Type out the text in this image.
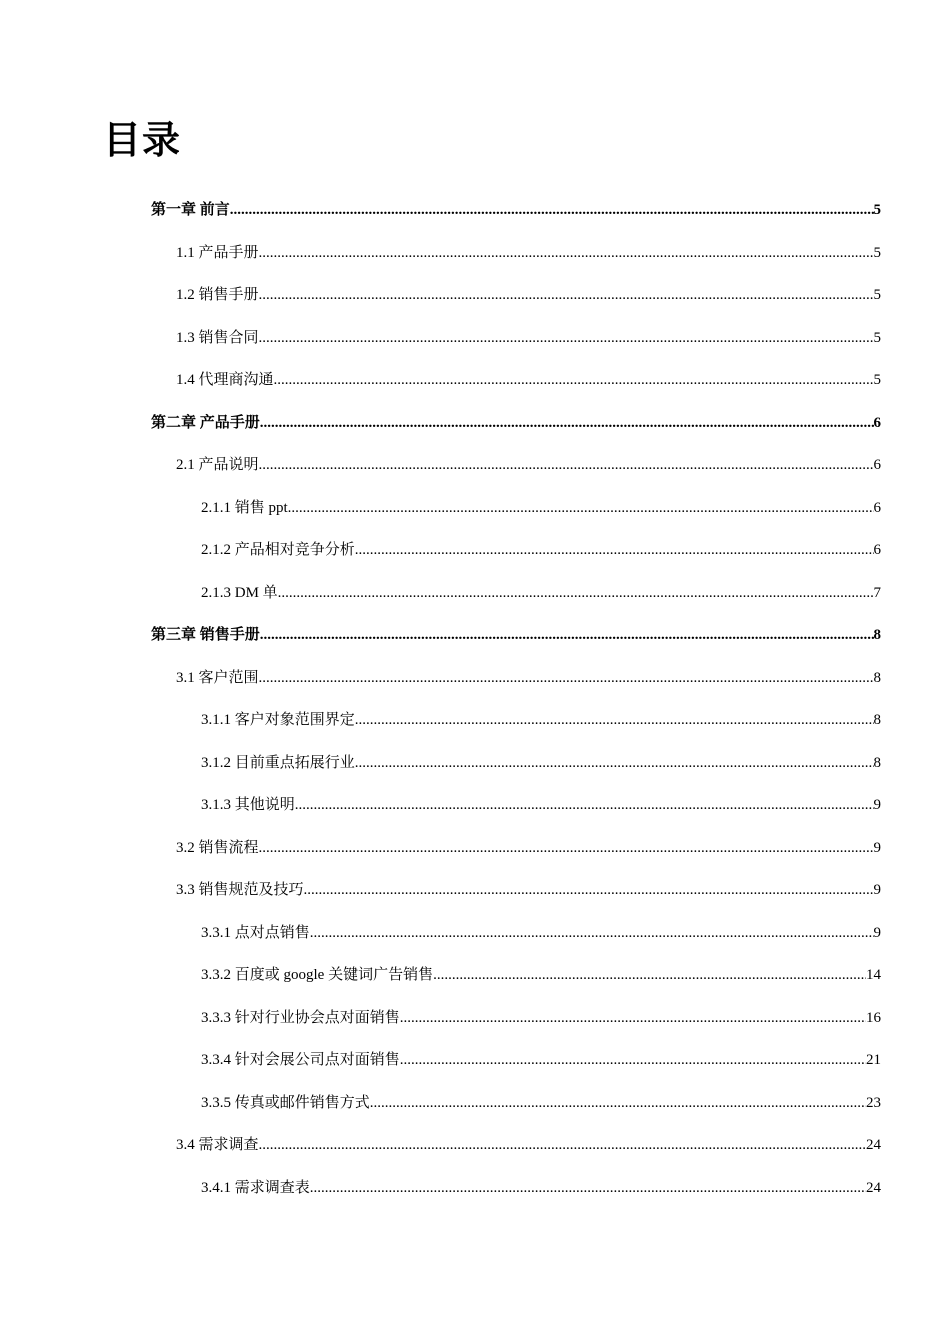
目录
第一章 前言 .....	5
1.1 产品手册 .....	5
1.2 销售手册 .....	5
1.3 销售合同 .....	5
1.4 代理商沟通 .....	5
第二章 产品手册 .....	6
2.1 产品说明 .....	6
2.1.1 销售 ppt .....	6
2.1.2 产品相对竞争分析 .....	6
2.1.3 DM 单 .....	7
第三章 销售手册 .....	8
3.1 客户范围 .....	8
3.1.1 客户对象范围界定 .....	8
3.1.2 目前重点拓展行业 .....	8
3.1.3 其他说明 .....	9
3.2 销售流程 .....	9
3.3 销售规范及技巧 .....	9
3.3.1 点对点销售 .....	9
3.3.2 百度或 google 关键词广告销售 .....	14
3.3.3 针对行业协会点对面销售 .....	16
3.3.4 针对会展公司点对面销售 .....	21
3.3.5 传真或邮件销售方式 .....	23
3.4 需求调查 .....	24
3.4.1 需求调查表 .....	24
